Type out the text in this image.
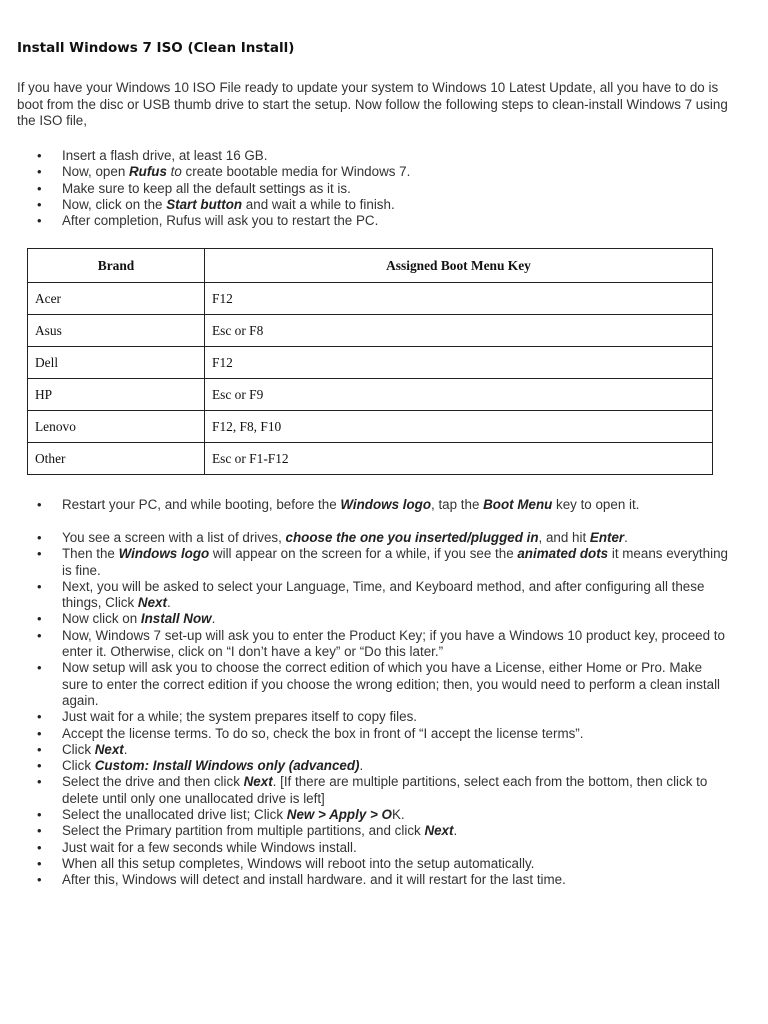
Install Windows 7 ISO (Clean Install)

If you have your Windows 10 ISO File ready to update your system to Windows 10 Latest Update, all you have to do is boot from the disc or USB thumb drive to start the setup. Now follow the following steps to clean-install Windows 7 using the ISO file,

• Insert a flash drive, at least 16 GB.
• Now, open Rufus to create bootable media for Windows 7.
• Make sure to keep all the default settings as it is.
• Now, click on the Start button and wait a while to finish.
• After completion, Rufus will ask you to restart the PC.
Brand	Assigned Boot Menu Key
Acer	F12
Asus	Esc or F8
Dell	F12
HP	Esc or F9
Lenovo	F12, F8, F10
Other	Esc or F1-F12
• Restart your PC, and while booting, before the Windows logo, tap the Boot Menu key to open it.
• You see a screen with a list of drives, choose the one you inserted/plugged in, and hit Enter.
• Then the Windows logo will appear on the screen for a while, if you see the animated dots it means everything is fine.
• Next, you will be asked to select your Language, Time, and Keyboard method, and after configuring all these things, Click Next.
• Now click on Install Now.
• Now, Windows 7 set-up will ask you to enter the Product Key; if you have a Windows 10 product key, proceed to enter it. Otherwise, click on “I don’t have a key” or “Do this later.”
• Now setup will ask you to choose the correct edition of which you have a License, either Home or Pro. Make sure to enter the correct edition if you choose the wrong edition; then, you would need to perform a clean install again.
• Just wait for a while; the system prepares itself to copy files.
• Accept the license terms. To do so, check the box in front of “I accept the license terms”.
• Click Next.
• Click Custom: Install Windows only (advanced).
• Select the drive and then click Next. [If there are multiple partitions, select each from the bottom, then click to delete until only one unallocated drive is left]
• Select the unallocated drive list; Click New > Apply > OK.
• Select the Primary partition from multiple partitions, and click Next.
• Just wait for a few seconds while Windows install.
• When all this setup completes, Windows will reboot into the setup automatically.
• After this, Windows will detect and install hardware. and it will restart for the last time.
